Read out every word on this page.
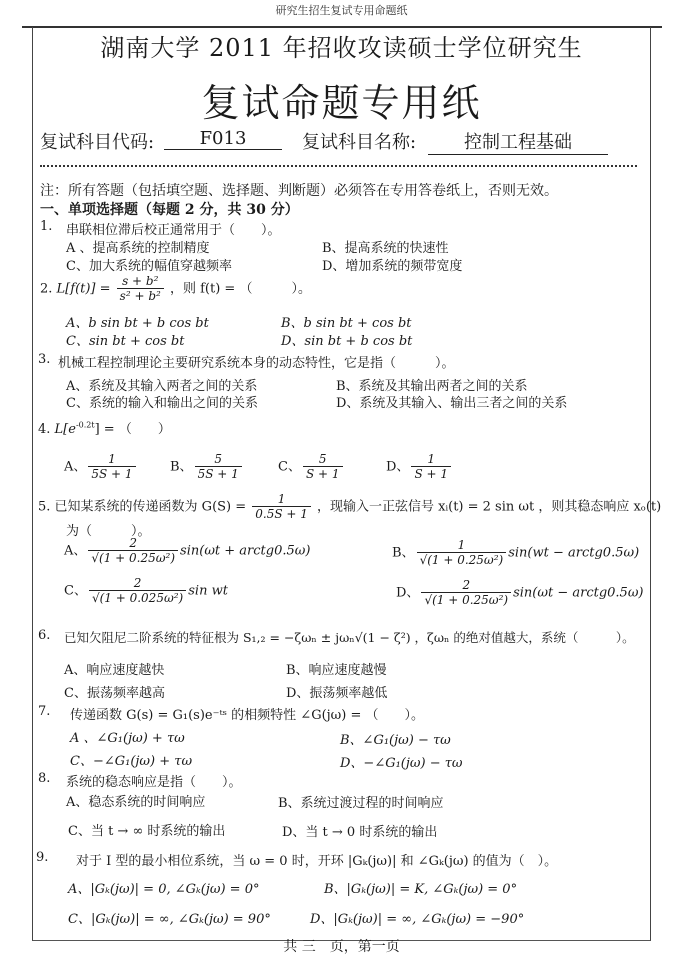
研究生招生复试专用命题纸
湖南大学 2011 年招收攻读硕士学位研究生
复试命题专用纸
复试科目代码:	F013	复试科目名称:	控制工程基础
注：所有答题（包括填空题、选择题、判断题）必须答在专用答卷纸上，否则无效。
一、单项选择题（每题 2 分，共 30 分）
1. 串联相位滞后校正通常用于（　　）。
A 、提高系统的控制精度	B、提高系统的快速性
C、加大系统的幅值穿越频率	D、增加系统的频带宽度
2. $L[f(t)] = \frac{\text{s + b²}}{\text{s² + b²}}$ ，则 f(t) = （　　　）。
A、b sin bt + b cos bt	B、b sin bt + cos bt
C、sin bt + cos bt	D、sin bt + b cos bt
3. 机械工程控制理论主要研究系统本身的动态特性，它是指（　　　）。
A、系统及其输入两者之间的关系	B、系统及其输出两者之间的关系
C、系统的输入和输出之间的关系	D、系统及其输入、输出三者之间的关系
4. $L[e^{-0.2t}]$ = （　　）
A、 $\frac{1}{5S + 1}$	B、 $\frac{5}{5S + 1}$	C、 $\frac{5}{S + 1}$	D、 $\frac{1}{S + 1}$
5. 已知某系统的传递函数为 $G(S) = \frac{1}{0.5S + 1}$ ，现输入一正弦信号 xᵢ(t) = 2 sin ωt ，则其稳态响应 xₒ(t)
为（　　　）。
A、 $\frac{2}{\text{√(1 + 0.25ω²)}} \sin(\omega t$ + arctg0.5ω)	B、 $\frac{1}{\text{√(1 + 0.25ω²)}} \sin(wt$ − arctg0.5ω)
C、 $\frac{2}{\text{√(1 + 0.025ω²)}}$ sin wt	D、 $\frac{2}{\text{√(1 + 0.25ω²)}} \sin(\omega t$ − arctg0.5ω)
6. 已知欠阻尼二阶系统的特征根为 S₁,₂ = −ζωₙ ± jωₙ√(1 − ζ²) ，ζωₙ 的绝对值越大，系统（　　　）。
A、响应速度越快	B、响应速度越慢
C、振荡频率越高	D、振荡频率越低
7. 传递函数 G(s) = G₁(s)e⁻ᵗˢ 的相频特性 ∠G(jω) = （　　）。
A 、∠G₁(jω) + τω	B、∠G₁(jω) − τω
C、−∠G₁(jω) + τω	D、−∠G₁(jω) − τω
8. 系统的稳态响应是指（　　）。
A、稳态系统的时间响应	B、系统过渡过程的时间响应
C、当 t → ∞ 时系统的输出	D、当 t → 0 时系统的输出
9. 对于 I 型的最小相位系统，当 ω = 0 时，开环 |Gₖ(jω)| 和 ∠Gₖ(jω) 的值为（　）。
A、|Gₖ(jω)| = 0, ∠Gₖ(jω) = 0°	B、|Gₖ(jω)| = K, ∠Gₖ(jω) = 0°
C、|Gₖ(jω)| = ∞, ∠Gₖ(jω) = 90°	D、|Gₖ(jω)| = ∞, ∠Gₖ(jω) = −90°
共 三　页，第一页
